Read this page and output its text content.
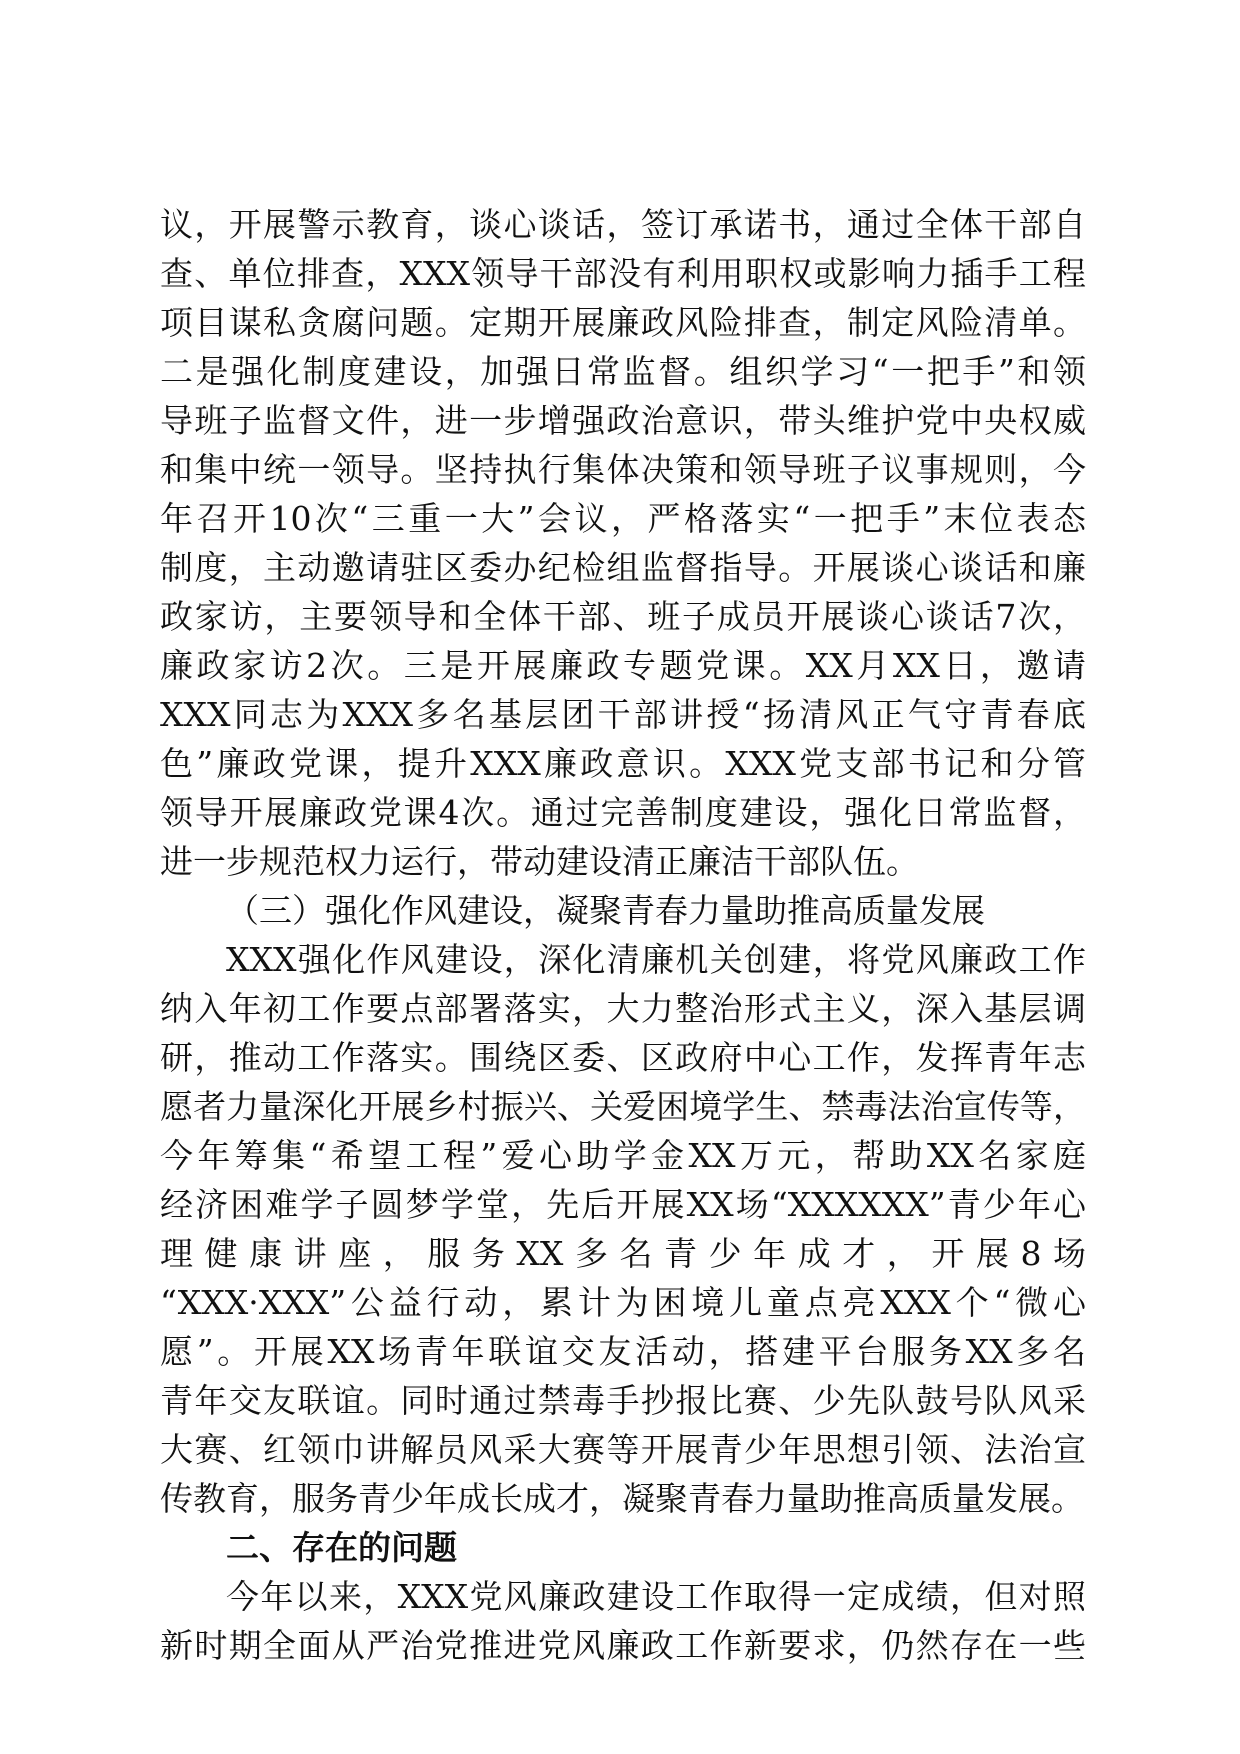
议，开展警示教育，谈心谈话，签订承诺书，通过全体干部自
查、单位排查，XXX领导干部没有利用职权或影响力插手工程
项目谋私贪腐问题。定期开展廉政风险排查，制定风险清单。
二是强化制度建设，加强日常监督。组织学习“一把手”和领
导班子监督文件，进一步增强政治意识，带头维护党中央权威
和集中统一领导。坚持执行集体决策和领导班子议事规则，今
年召开10次“三重一大”会议，严格落实“一把手”末位表态
制度，主动邀请驻区委办纪检组监督指导。开展谈心谈话和廉
政家访，主要领导和全体干部、班子成员开展谈心谈话7次，
廉政家访2次。三是开展廉政专题党课。XX月XX日，邀请
XXX同志为XXX多名基层团干部讲授“扬清风正气守青春底
色”廉政党课，提升XXX廉政意识。XXX党支部书记和分管
领导开展廉政党课4次。通过完善制度建设，强化日常监督，
进一步规范权力运行，带动建设清正廉洁干部队伍。
（三）强化作风建设，凝聚青春力量助推高质量发展
XXX强化作风建设，深化清廉机关创建，将党风廉政工作
纳入年初工作要点部署落实，大力整治形式主义，深入基层调
研，推动工作落实。围绕区委、区政府中心工作，发挥青年志
愿者力量深化开展乡村振兴、关爱困境学生、禁毒法治宣传等，
今年筹集“希望工程”爱心助学金XX万元，帮助XX名家庭
经济困难学子圆梦学堂，先后开展XX场“XXXXXX”青少年心
理健康讲座，服务XX多名青少年成才，开展8场
“XXX·XXX”公益行动，累计为困境儿童点亮XXX个“微心
愿”。开展XX场青年联谊交友活动，搭建平台服务XX多名
青年交友联谊。同时通过禁毒手抄报比赛、少先队鼓号队风采
大赛、红领巾讲解员风采大赛等开展青少年思想引领、法治宣
传教育，服务青少年成长成才，凝聚青春力量助推高质量发展。
二、存在的问题
今年以来，XXX党风廉政建设工作取得一定成绩，但对照
新时期全面从严治党推进党风廉政工作新要求，仍然存在一些
